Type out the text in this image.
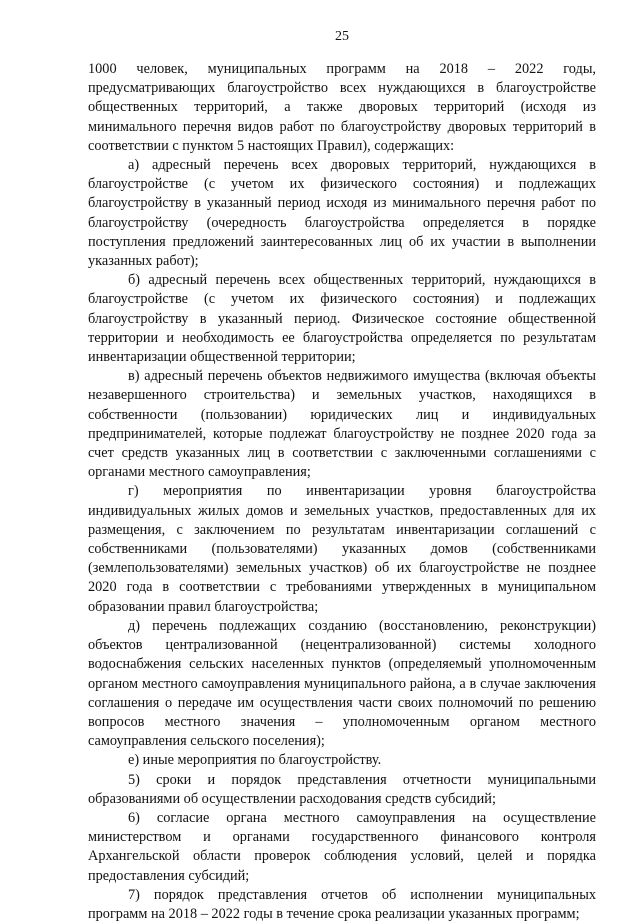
25

1000 человек, муниципальных программ на 2018 – 2022 годы, предусматривающих благоустройство всех нуждающихся в благоустройстве общественных территорий, а также дворовых территорий (исходя из минимального перечня видов работ по благоустройству дворовых территорий в соответствии с пунктом 5 настоящих Правил), содержащих:

а) адресный перечень всех дворовых территорий, нуждающихся в благоустройстве (с учетом их физического состояния) и подлежащих благоустройству в указанный период исходя из минимального перечня работ по благоустройству (очередность благоустройства определяется в порядке поступления предложений заинтересованных лиц об их участии в выполнении указанных работ);

б) адресный перечень всех общественных территорий, нуждающихся в благоустройстве (с учетом их физического состояния) и подлежащих благоустройству в указанный период. Физическое состояние общественной территории и необходимость ее благоустройства определяется по результатам инвентаризации общественной территории;

в) адресный перечень объектов недвижимого имущества (включая объекты незавершенного строительства) и земельных участков, находящихся в собственности (пользовании) юридических лиц и индивидуальных предпринимателей, которые подлежат благоустройству не позднее 2020 года за счет средств указанных лиц в соответствии с заключенными соглашениями с органами местного самоуправления;

г) мероприятия по инвентаризации уровня благоустройства индивидуальных жилых домов и земельных участков, предоставленных для их размещения, с заключением по результатам инвентаризации соглашений с собственниками (пользователями) указанных домов (собственниками (землепользователями) земельных участков) об их благоустройстве не позднее 2020 года в соответствии с требованиями утвержденных в муниципальном образовании правил благоустройства;

д) перечень подлежащих созданию (восстановлению, реконструкции) объектов централизованной (нецентрализованной) системы холодного водоснабжения сельских населенных пунктов (определяемый уполномоченным органом местного самоуправления муниципального района, а в случае заключения соглашения о передаче им осуществления части своих полномочий по решению вопросов местного значения – уполномоченным органом местного самоуправления сельского поселения);

е) иные мероприятия по благоустройству.

5) сроки и порядок представления отчетности муниципальными образованиями об осуществлении расходования средств субсидий;

6) согласие органа местного самоуправления на осуществление министерством и органами государственного финансового контроля Архангельской области проверок соблюдения условий, целей и порядка предоставления субсидий;

7) порядок представления отчетов об исполнении муниципальных программ на 2018 – 2022 годы в течение срока реализации указанных программ;
